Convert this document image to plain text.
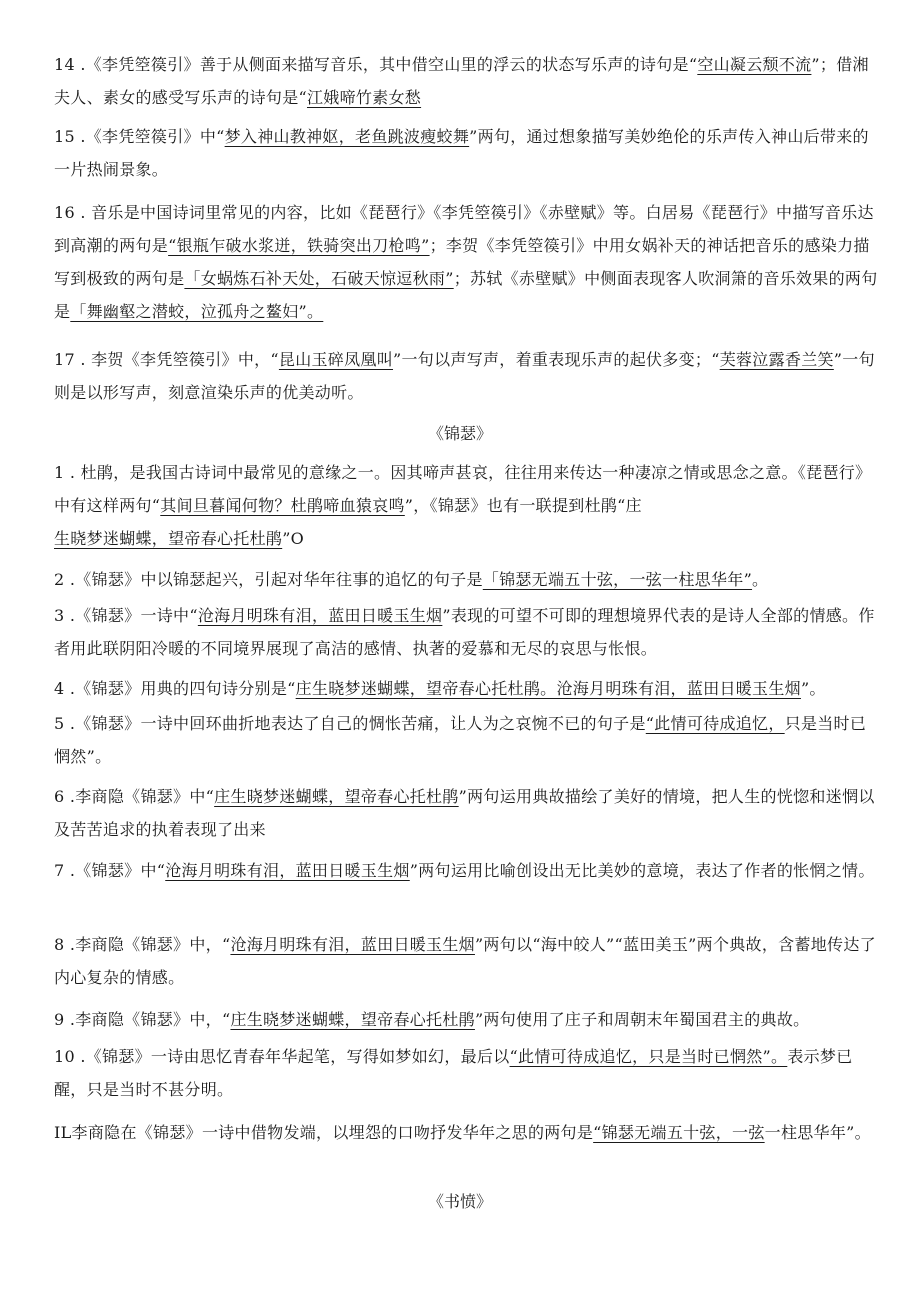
14 .《李凭箜篌引》善于从侧面来描写音乐，其中借空山里的浮云的状态写乐声的诗句是“空山凝云颓不流”；借湘夫人、素女的感受写乐声的诗句是“江娥啼竹素女愁
15 .《李凭箜篌引》中“梦入神山教神妪，老鱼跳波瘦蛟舞”两句，通过想象描写美妙绝伦的乐声传入神山后带来的一片热闹景象。
16 . 音乐是中国诗词里常见的内容，比如《琵琶行》《李凭箜篌引》《赤壁赋》等。白居易《琵琶行》中描写音乐达到高潮的两句是“银瓶乍破水浆迸，铁骑突出刀枪鸣”；李贺《李凭箜篌引》中用女娲补天的神话把音乐的感染力描写到极致的两句是「女蜗炼石补天处，石破天惊逗秋雨”；苏轼《赤壁赋》中侧面表现客人吹洞箫的音乐效果的两句是「舞幽壑之潜蛟，泣孤舟之鳌妇”。
17 . 李贺《李凭箜篌引》中，“昆山玉碎凤凰叫”一句以声写声，着重表现乐声的起伏多变；“芙蓉泣露香兰笑”一句则是以形写声，刻意渲染乐声的优美动听。
《锦瑟》
1 . 杜鹃，是我国古诗词中最常见的意缘之一。因其啼声甚哀，往往用来传达一种凄凉之情或思念之意。《琵琶行》中有这样两句“其间旦暮闻何物？杜鹃啼血猿哀鸣”，《锦瑟》也有一联提到杜鹃“庄
生晓梦迷蝴蝶，望帝春心托杜鹃”O
2 .《锦瑟》中以锦瑟起兴，引起对华年往事的追忆的句子是「锦瑟无端五十弦，一弦一柱思华年”。
3 .《锦瑟》一诗中“沧海月明珠有泪，蓝田日暖玉生烟”表现的可望不可即的理想境界代表的是诗人全部的情感。作者用此联阴阳冷暖的不同境界展现了高洁的感情、执著的爱慕和无尽的哀思与怅恨。
4 .《锦瑟》用典的四句诗分别是“庄生晓梦迷蝴蝶，望帝春心托杜鹃。沧海月明珠有泪，蓝田日暖玉生烟”。
5 .《锦瑟》一诗中回环曲折地表达了自己的惆怅苦痛，让人为之哀惋不已的句子是“此情可待成追忆，只是当时已惘然”。
6 .李商隐《锦瑟》中“庄生晓梦迷蝴蝶，望帝春心托杜鹃”两句运用典故描绘了美好的情境，把人生的恍惚和迷惘以及苦苦追求的执着表现了出来
7 .《锦瑟》中“沧海月明珠有泪，蓝田日暖玉生烟”两句运用比喻创设出无比美妙的意境，表达了作者的怅惘之情。
8 .李商隐《锦瑟》中，“沧海月明珠有泪，蓝田日暖玉生烟”两句以“海中皎人”“蓝田美玉”两个典故，含蓄地传达了内心复杂的情感。
9 .李商隐《锦瑟》中，“庄生晓梦迷蝴蝶，望帝春心托杜鹃”两句使用了庄子和周朝末年蜀国君主的典故。
10 .《锦瑟》一诗由思忆青春年华起笔，写得如梦如幻，最后以“此情可待成追忆，只是当时已惘然”。表示梦已醒，只是当时不甚分明。
IL李商隐在《锦瑟》一诗中借物发端，以埋怨的口吻抒发华年之思的两句是“锦瑟无端五十弦，一弦一柱思华年”。
《书愤》
